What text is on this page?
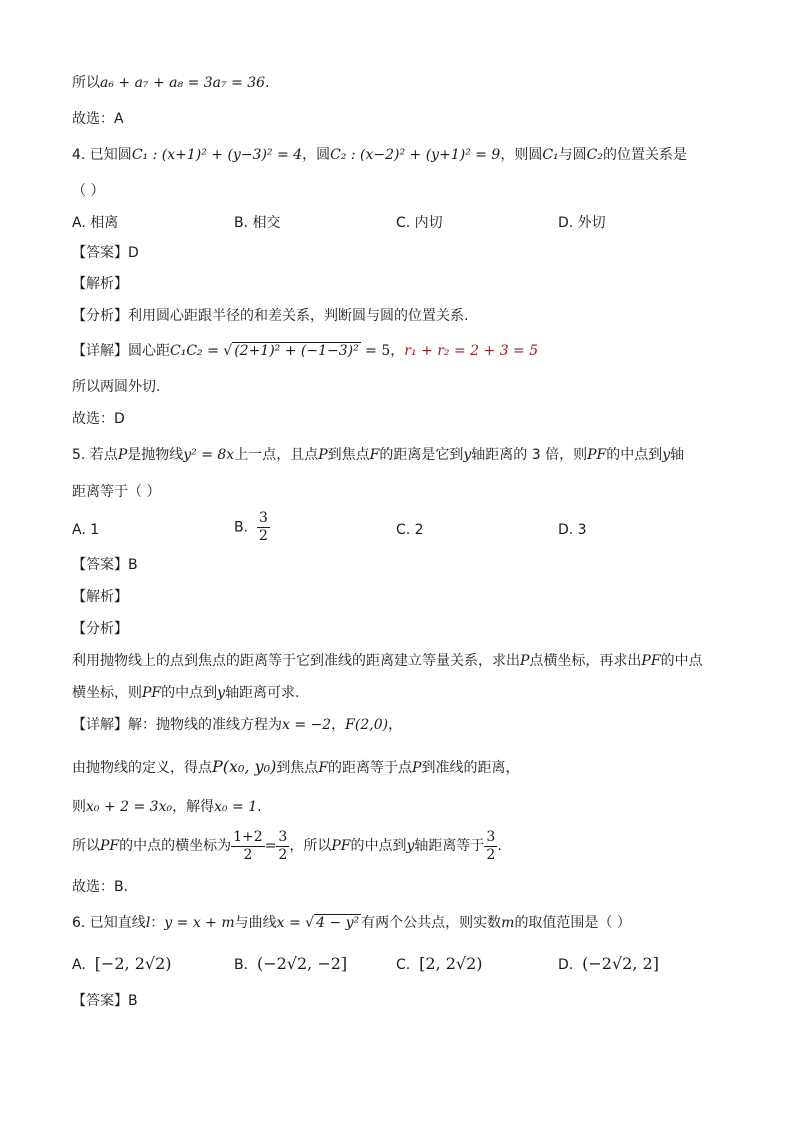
所以a₆ + a₇ + a₈ = 3a₇ = 36.
故选：A
4. 已知圆C₁ : (x+1)² + (y−3)² = 4，圆C₂ : (x−2)² + (y+1)² = 9，则圆C₁与圆C₂的位置关系是
（ ）
A. 相离	B. 相交	C. 内切	D. 外切
【答案】D
【解析】
【分析】利用圆心距跟半径的和差关系，判断圆与圆的位置关系.
【详解】圆心距C₁C₂ = √ (2+1)² + (−1−3)² = 5，r₁ + r₂ = 2 + 3 = 5
所以两圆外切.
故选：D
5. 若点P是抛物线y² = 8x上一点，且点P到焦点F的距离是它到y轴距离的 3 倍，则PF的中点到y轴
距离等于（ ）
A. 1	B. $\frac{3}{2}$	C. 2	D. 3
【答案】B
【解析】
【分析】
利用抛物线上的点到焦点的距离等于它到准线的距离建立等量关系，求出P点横坐标，再求出PF的中点
横坐标，则PF的中点到y轴距离可求.
【详解】解：抛物线的准线方程为x = −2，F(2,0)，
由抛物线的定义，得点P(x₀, y₀)到焦点F的距离等于点P到准线的距离，
则x₀ + 2 = 3x₀，解得x₀ = 1.
所以PF的中点的横坐标为 $\frac{1+2}{2} = \frac{3}{2}$ ，所以PF的中点到y轴距离等于 $\frac{3}{2}$ .
故选：B.
6. 已知直线l：y = x + m与曲线x = √ 4 − y² 有两个公共点，则实数m的取值范围是（ ）
A. [−2, 2√2)	B. (−2√2, −2]	C. [2, 2√2)	D. (−2√2, 2]
【答案】B
